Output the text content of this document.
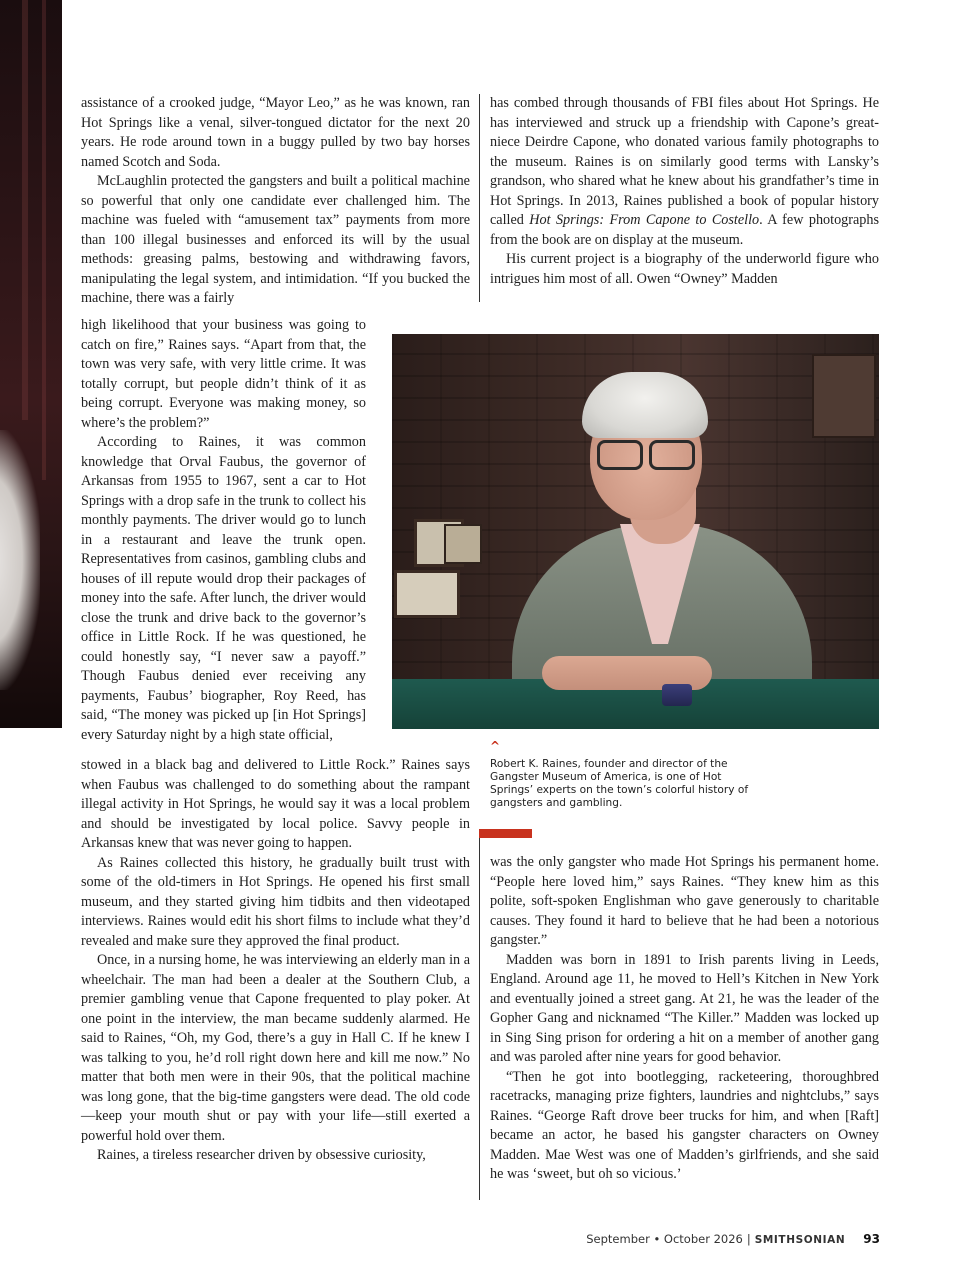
assistance of a crooked judge, “Mayor Leo,” as he was known, ran Hot Springs like a venal, silver-tongued dictator for the next 20 years. He rode around town in a buggy pulled by two bay horses named Scotch and Soda.

McLaughlin protected the gangsters and built a political machine so powerful that only one candidate ever challenged him. The machine was fueled with “amusement tax” payments from more than 100 illegal businesses and enforced its will by the usual methods: greasing palms, bestowing and withdrawing favors, manipulating the legal system, and intimidation. “If you bucked the machine, there was a fairly

high likelihood that your business was going to catch on fire,” Raines says. “Apart from that, the town was very safe, with very little crime. It was totally corrupt, but people didn’t think of it as being corrupt. Everyone was making money, so where’s the problem?”

According to Raines, it was common knowledge that Orval Faubus, the governor of Arkansas from 1955 to 1967, sent a car to Hot Springs with a drop safe in the trunk to collect his monthly payments. The driver would go to lunch in a restaurant and leave the trunk open. Representatives from casinos, gambling clubs and houses of ill repute would drop their packages of money into the safe. After lunch, the driver would close the trunk and drive back to the governor’s office in Little Rock. If he was questioned, he could honestly say, “I never saw a payoff.” Though Faubus denied ever receiving any payments, Faubus’ biographer, Roy Reed, has said, “The money was picked up [in Hot Springs] every Saturday night by a high state official,

stowed in a black bag and delivered to Little Rock.” Raines says when Faubus was challenged to do something about the rampant illegal activity in Hot Springs, he would say it was a local problem and should be investigated by local police. Savvy people in Arkansas knew that was never going to happen.

As Raines collected this history, he gradually built trust with some of the old-timers in Hot Springs. He opened his first small museum, and they started giving him tidbits and then videotaped interviews. Raines would edit his short films to include what they’d revealed and make sure they approved the final product.

Once, in a nursing home, he was interviewing an elderly man in a wheelchair. The man had been a dealer at the Southern Club, a premier gambling venue that Capone frequented to play poker. At one point in the interview, the man became suddenly alarmed. He said to Raines, “Oh, my God, there’s a guy in Hall C. If he knew I was talking to you, he’d roll right down here and kill me now.” No matter that both men were in their 90s, that the political machine was long gone, that the big-time gangsters were dead. The old code—keep your mouth shut or pay with your life—still exerted a powerful hold over them.

Raines, a tireless researcher driven by obsessive curiosity,

has combed through thousands of FBI files about Hot Springs. He has interviewed and struck up a friendship with Capone’s great-niece Deirdre Capone, who donated various family photographs to the museum. Raines is on similarly good terms with Lansky’s grandson, who shared what he knew about his grandfather’s time in Hot Springs. In 2013, Raines published a book of popular history called Hot Springs: From Capone to Costello. A few photographs from the book are on display at the museum.

His current project is a biography of the underworld figure who intrigues him most of all. Owen “Owney” Madden

^
Robert K. Raines, founder and director of the Gangster Museum of America, is one of Hot Springs’ experts on the town’s colorful history of gangsters and gambling.

was the only gangster who made Hot Springs his permanent home. “People here loved him,” says Raines. “They knew him as this polite, soft-spoken Englishman who gave generously to charitable causes. They found it hard to believe that he had been a notorious gangster.”

Madden was born in 1891 to Irish parents living in Leeds, England. Around age 11, he moved to Hell’s Kitchen in New York and eventually joined a street gang. At 21, he was the leader of the Gopher Gang and nicknamed “The Killer.” Madden was locked up in Sing Sing prison for ordering a hit on a member of another gang and was paroled after nine years for good behavior.

“Then he got into bootlegging, racketeering, thoroughbred racetracks, managing prize fighters, laundries and nightclubs,” says Raines. “George Raft drove beer trucks for him, and when [Raft] became an actor, he based his gangster characters on Owney Madden. Mae West was one of Madden’s girlfriends, and she said he was ‘sweet, but oh so vicious.’

September • October 2026 | SMITHSONIAN 93
